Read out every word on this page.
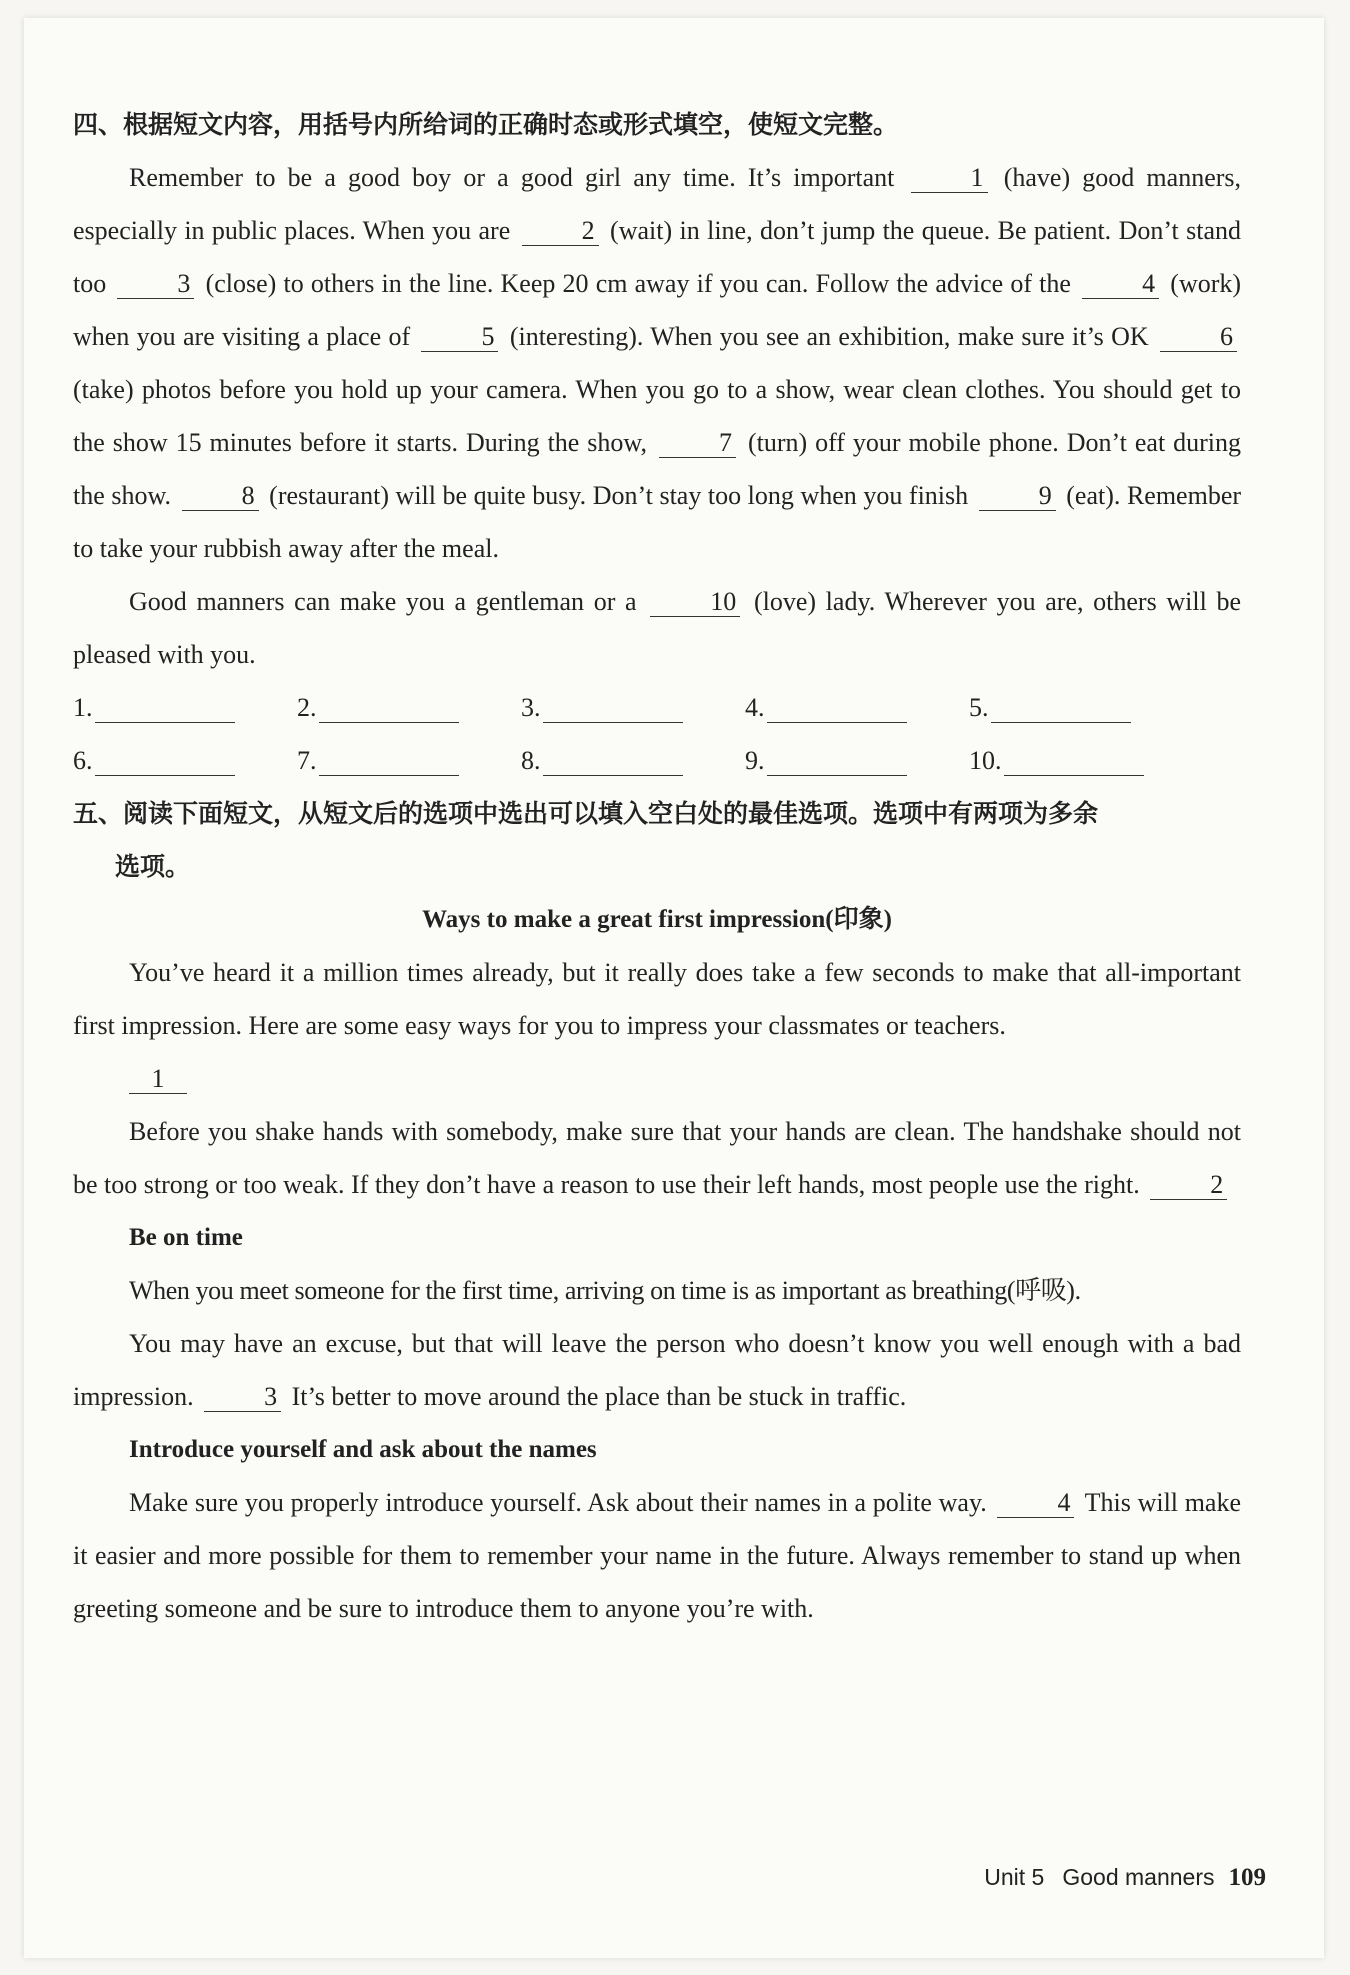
四、根据短文内容，用括号内所给词的正确时态或形式填空，使短文完整。

Remember to be a good boy or a good girl any time. It’s important	1 (have) good manners, especially in public places. When you are	2 (wait) in line, don’t jump the queue. Be patient. Don’t stand too	3 (close) to others in the line. Keep 20 cm away if you can. Follow the advice of the	4 (work) when you are visiting a place of	5 (interesting). When you see an exhibition, make sure it’s OK	6 (take) photos before you hold up your camera. When you go to a show, wear clean clothes. You should get to the show 15 minutes before it starts. During the show,	7 (turn) off your mobile phone. Don’t eat during the show.	8 (restaurant) will be quite busy. Don’t stay too long when you finish	9 (eat). Remember to take your rubbish away after the meal.

Good manners can make you a gentleman or a	10 (love) lady. Wherever you are, others will be pleased with you.

1.	2.	3.	4.	5.
6.	7.	8.	9.	10.

五、阅读下面短文，从短文后的选项中选出可以填入空白处的最佳选项。选项中有两项为多余
选项。

Ways to make a great first impression(印象)

You’ve heard it a million times already, but it really does take a few seconds to make that all-important first impression. Here are some easy ways for you to impress your classmates or teachers.

1

Before you shake hands with somebody, make sure that your hands are clean. The handshake should not be too strong or too weak. If they don’t have a reason to use their left hands, most people use the right.	2

Be on time

When you meet someone for the first time, arriving on time is as important as breathing(呼吸).

You may have an excuse, but that will leave the person who doesn’t know you well enough with a bad impression.	3 It’s better to move around the place than be stuck in traffic.

Introduce yourself and ask about the names

Make sure you properly introduce yourself. Ask about their names in a polite way.	4 This will make it easier and more possible for them to remember your name in the future. Always remember to stand up when greeting someone and be sure to introduce them to anyone you’re with.

Unit 5 Good manners 109
